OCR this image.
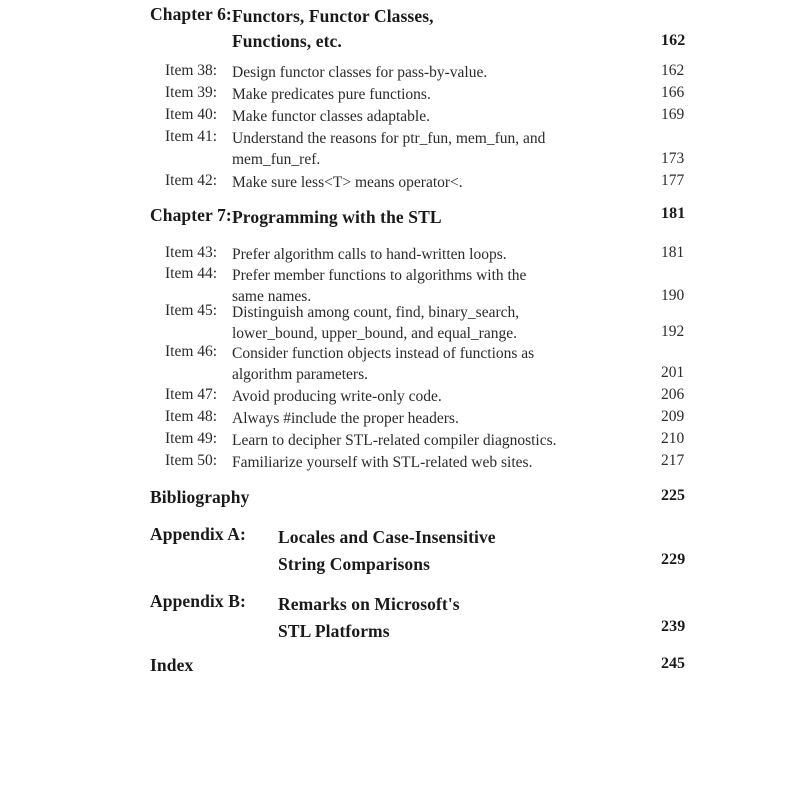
Chapter 6: Functors, Functor Classes,
Functions, etc.	162
Item 38: Design functor classes for pass-by-value.	162
Item 39: Make predicates pure functions.	166
Item 40: Make functor classes adaptable.	169
Item 41: Understand the reasons for ptr_fun, mem_fun, and
mem_fun_ref.	173
Item 42: Make sure less<T> means operator<.	177
Chapter 7: Programming with the STL	181
Item 43: Prefer algorithm calls to hand-written loops.	181
Item 44: Prefer member functions to algorithms with the
same names.	190
Item 45: Distinguish among count, find, binary_search,
lower_bound, upper_bound, and equal_range.	192
Item 46: Consider function objects instead of functions as
algorithm parameters.	201
Item 47: Avoid producing write-only code.	206
Item 48: Always #include the proper headers.	209
Item 49: Learn to decipher STL-related compiler diagnostics.	210
Item 50: Familiarize yourself with STL-related web sites.	217
Bibliography	225
Appendix A: Locales and Case-Insensitive
String Comparisons	229
Appendix B: Remarks on Microsoft's
STL Platforms	239
Index	245
